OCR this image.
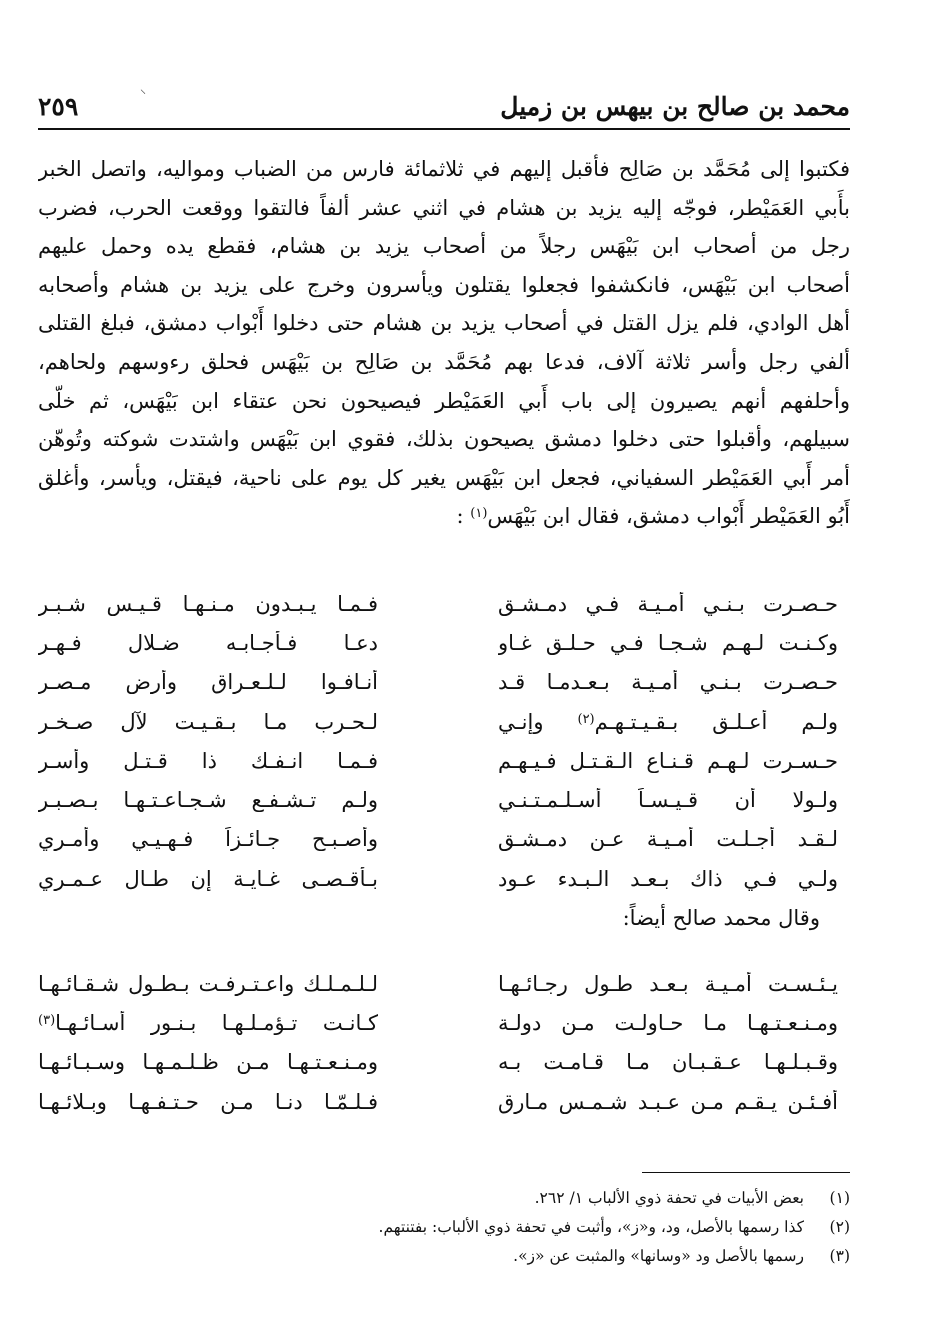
⸜
محمد بن صالح بن بيهس بن زميل
٢٥٩
فكتبوا إلى مُحَمَّد بن صَالِح فأقبل إليهم في ثلاثمائة فارس من الضباب ومواليه، واتصل الخبر
بأَبي العَمَيْطر، فوجّه إليه يزيد بن هشام في اثني عشر ألفاً فالتقوا ووقعت الحرب، فضرب
رجل من أصحاب ابن بَيْهَس رجلاً من أصحاب يزيد بن هشام، فقطع يده وحمل عليهم
أصحاب ابن بَيْهَس، فانكشفوا فجعلوا يقتلون ويأسرون وخرج على يزيد بن هشام وأصحابه
أهل الوادي، فلم يزل القتل في أصحاب يزيد بن هشام حتى دخلوا أَبْواب دمشق، فبلغ القتلى
ألفي رجل وأسر ثلاثة آلاف، فدعا بهم مُحَمَّد بن صَالِح بن بَيْهَس فحلق رءوسهم ولحاهم،
وأحلفهم أنهم يصيرون إلى باب أَبي العَمَيْطر فيصيحون نحن عتقاء ابن بَيْهَس، ثم خلّى
سبيلهم، وأقبلوا حتى دخلوا دمشق يصيحون بذلك، فقوي ابن بَيْهَس واشتدت شوكته وتُوهّن
أمر أَبي العَمَيْطر السفياني، فجعل ابن بَيْهَس يغير كل يوم على ناحية، فيقتل، ويأسر، وأغلق
أَبُو العَمَيْطر أَبْواب دمشق، فقال ابن بَيْهَس$^{(١)}$ :
حـصـرت بـنـي أمـيـة فـي دمـشـق
فـمـا يـبـدون مـنـهـا قـيـس شـبـر
وكـنـت لـهـم شـجـا فـي حـلـق غـاوٍ
دعـا فـأجـابـه ضـلال فـهـر
حـصـرت بـنـي أمـيـة بـعـدمـا قـد
أنـافـوا لـلـعـراق وأرض مـصـر
ولـم أعـلـق بـقـيـتـهـم$^{(٢)}$ وإنـي
لـحـرب مـا بـقـيـت لآل صـخـر
حـسـرت لـهـم قـنـاع الـقـتـل فـيـهـم
فـمـا انـفـك ذا قـتـل وأسـر
ولـولا أن قـيـسـاً أسـلـمـتـنـي
ولـم تـشـفـع شـجـاعـتـهـا بـصـبـر
لـقـد أجـلـت أمـيـة عـن دمـشـق
وأصـبـح جـائـزاً فـهـيـي وأمـري
ولـي فـي ذاك بـعـد الـبـدء عـود
بـأقـصـى غـايـة إن طـال عـمـري
وقال محمد صالح أيضاً:
يـئـسـت أمـيـة بـعـد طـول رجـائـهـا
لـلـمـلـك واعـتـرفـت بـطـول شـقـائـهـا
ومـنـعـتـهـا مـا حـاولـت مـن دولـة
كـانـت تـؤمـلـهـا بـنـور أسـائـهـا$^{(٣)}$
وقـبـلـهـا عـقـبـان مـا قـامـت بـه
ومـنـعـتـهـا مـن ظـلـمـهـا وسـبـائـهـا
أفـئـن يـقـم مـن عـبـد شـمـس مـارق
فـلـمّـا دنـا مـن حـتـفـهـا وبـلائـهـا
(١)بعض الأبيات في تحفة ذوي الألباب ١/ ٢٦٢.
(٢)كذا رسمها بالأصل، ود، و«ز»، وأثبت في تحفة ذوي الألباب: بفتنتهم.
(٣)رسمها بالأصل ود «وسانها» والمثبت عن «ز».
